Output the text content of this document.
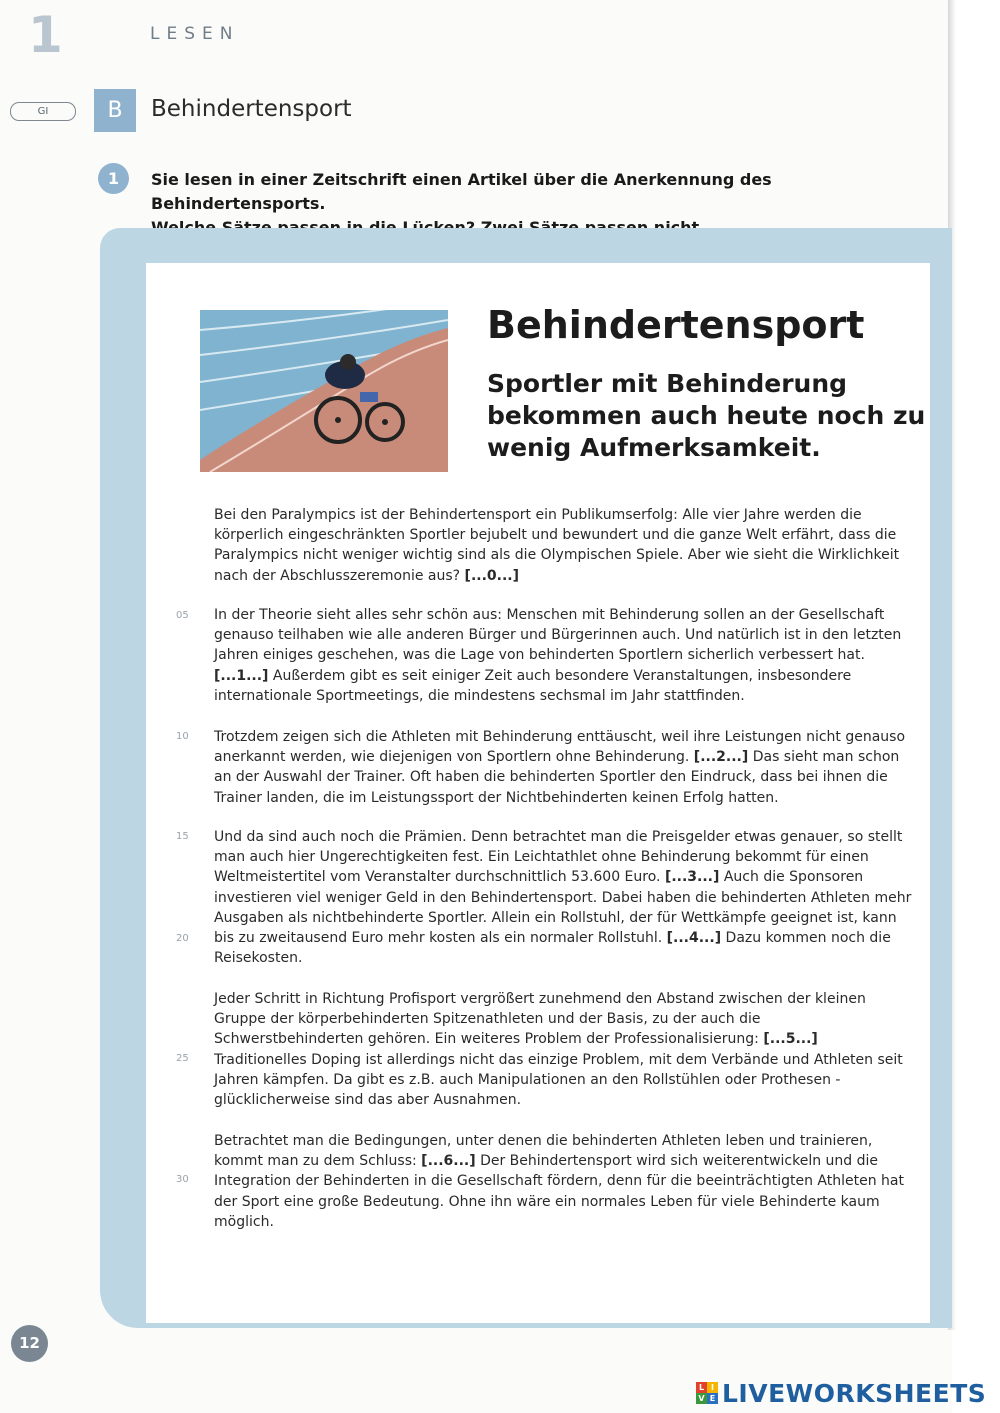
1	LESEN
GI	B	Behindertensport
1	Sie lesen in einer Zeitschrift einen Artikel über die Anerkennung des Behindertensports.
Behindertensport
Sportler mit Behinderung bekommen auch heute noch zu wenig Aufmerksamkeit.

Bei den Paralympics ist der Behindertensport ein Publikumserfolg: Alle vier Jahre werden die körperlich eingeschränkten Sportler bejubelt und bewundert und die ganze Welt erfährt, dass die Paralympics nicht weniger wichtig sind als die Olympischen Spiele. Aber wie sieht die Wirklichkeit nach der Abschlusszeremonie aus? [...0...]

05 In der Theorie sieht alles sehr schön aus: Menschen mit Behinderung sollen an der Gesellschaft genauso teilhaben wie alle anderen Bürger und Bürgerinnen auch. Und natürlich ist in den letzten Jahren einiges geschehen, was die Lage von behinderten Sportlern sicherlich verbessert hat. [...1...] Außerdem gibt es seit einiger Zeit auch besondere Veranstaltungen, insbesondere internationale Sportmeetings, die mindestens sechsmal im Jahr stattfinden.

10 Trotzdem zeigen sich die Athleten mit Behinderung enttäuscht, weil ihre Leistungen nicht genauso anerkannt werden, wie diejenigen von Sportlern ohne Behinderung. [...2...] Das sieht man schon an der Auswahl der Trainer. Oft haben die behinderten Sportler den Eindruck, dass bei ihnen die Trainer landen, die im Leistungssport der Nichtbehinderten keinen Erfolg hatten.

15
20

Und da sind auch noch die Prämien. Denn betrachtet man die Preisgelder etwas genauer, so stellt man auch hier Ungerechtigkeiten fest. Ein Leichtathlet ohne Behinderung bekommt für einen Weltmeistertitel vom Veranstalter durchschnittlich 53.600 Euro. [...3...] Auch die Sponsoren investieren viel weniger Geld in den Behindertensport. Dabei haben die behinderten Athleten mehr Ausgaben als nichtbehinderte Sportler. Allein ein Rollstuhl, der für Wettkämpfe geeignet ist, kann bis zu zweitausend Euro mehr kosten als ein normaler Rollstuhl. [...4...] Dazu kommen noch die Reisekosten.

25

Jeder Schritt in Richtung Profisport vergrößert zunehmend den Abstand zwischen der kleinen Gruppe der körperbehinderten Spitzenathleten und der Basis, zu der auch die Schwerstbehinderten gehören. Ein weiteres Problem der Professionalisierung: [...5...] Traditionelles Doping ist allerdings nicht das einzige Problem, mit dem Verbände und Athleten seit Jahren kämpfen. Da gibt es z.B. auch Manipulationen an den Rollstühlen oder Prothesen - glücklicherweise sind das aber Ausnahmen.

30

Betrachtet man die Bedingungen, unter denen die behinderten Athleten leben und trainieren, kommt man zu dem Schluss: [...6...] Der Behindertensport wird sich weiterentwickeln und die Integration der Behinderten in die Gesellschaft fördern, denn für die beeinträchtigten Athleten hat der Sport eine große Bedeutung. Ohne ihn wäre ein normales Leben für viele Behinderte kaum möglich.

12
L I
V E LIVEWORKSHEETS
